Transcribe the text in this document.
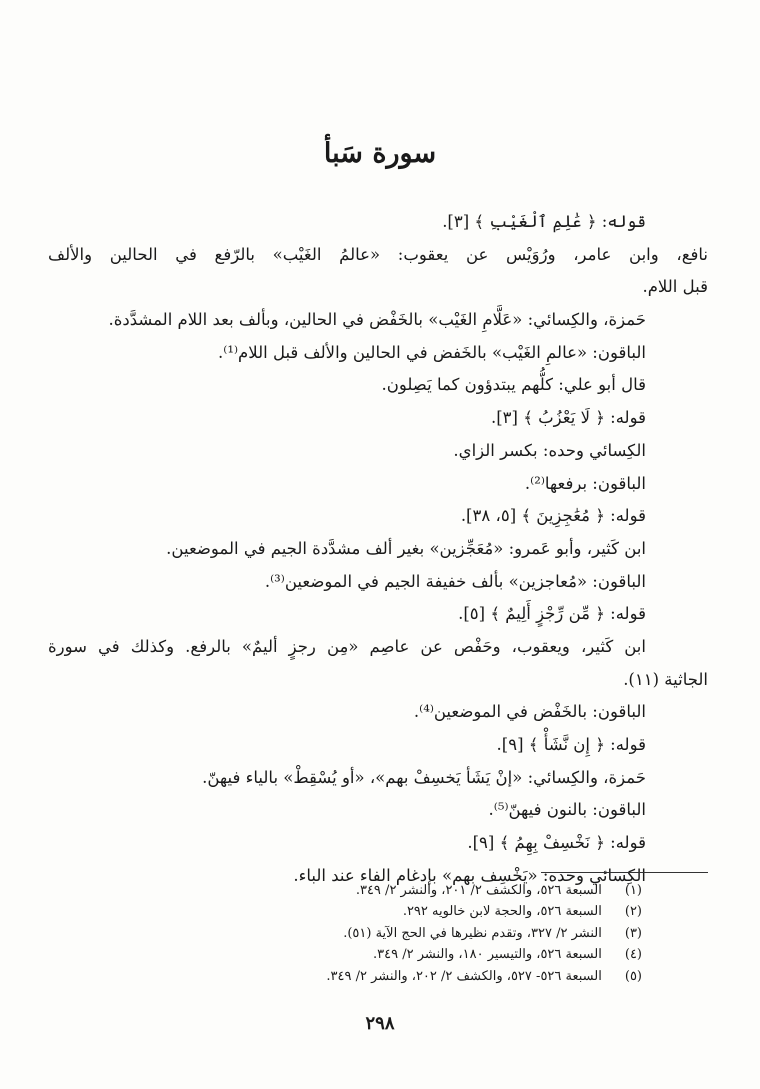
سورة سَبأ
قوله: ﴿ عَٰلِمِ ٱلْغَيْبِ ﴾ [٣].
نافع، وابن عامر، ورُوَيْس عن يعقوب: «عالمُ الغَيْب» بالرّفع في الحالين والألف
قبل اللام.
حَمزة، والكِسائي: «عَلَّامِ الغَيْب» بالخَفْض في الحالين، وبألف بعد اللام المشدَّدة.
الباقون: «عالمِ الغَيْب» بالخَفض في الحالين والألف قبل اللام⁽¹⁾.
قال أبو علي: كلُّهم يبتدؤون كما يَصِلون.
قوله: ﴿ لَا يَعْزُبُ ﴾ [٣].
الكِسائي وحده: بكسر الزاي.
الباقون: برفعها⁽²⁾.
قوله: ﴿ مُعَٰجِزِينَ ﴾ [٥، ٣٨].
ابن كَثير، وأبو عَمرو: «مُعَجِّزين» بغير ألف مشدَّدة الجيم في الموضعين.
الباقون: «مُعاجزين» بألف خفيفة الجيم في الموضعين⁽³⁾.
قوله: ﴿ مِّن رِّجْزٍ أَلِيمٌ ﴾ [٥].
ابن كَثير، ويعقوب، وحَفْص عن عاصِم «مِن رجزٍ أليمٌ» بالرفع. وكذلك في سورة
الجاثية (١١).
الباقون: بالخَفْض في الموضعين⁽⁴⁾.
قوله: ﴿ إِن نَّشَأْ ﴾ [٩].
حَمزة، والكِسائي: «إنْ يَشَأ يَخسِفْ بهم»، «أو يُسْقِطْ» بالياء فيهنّ.
الباقون: بالنون فيهنّ⁽⁵⁾.
قوله: ﴿ نَخْسِفْ بِهِمُ ﴾ [٩].
الكِسائي وحده: «يَخْسِف بهم» بإدغام الفاء عند الباء.
(١) السبعة ٥٢٦، والكشف ٢/ ٢٠١، والنشر ٢/ ٣٤٩.
(٢) السبعة ٥٢٦، والحجة لابن خالويه ٢٩٢.
(٣) النشر ٢/ ٣٢٧، وتقدم نظيرها في الحج الآية (٥١).
(٤) السبعة ٥٢٦، والتيسير ١٨٠، والنشر ٢/ ٣٤٩.
(٥) السبعة ٥٢٦- ٥٢٧، والكشف ٢/ ٢٠٢، والنشر ٢/ ٣٤٩.
٢٩٨
